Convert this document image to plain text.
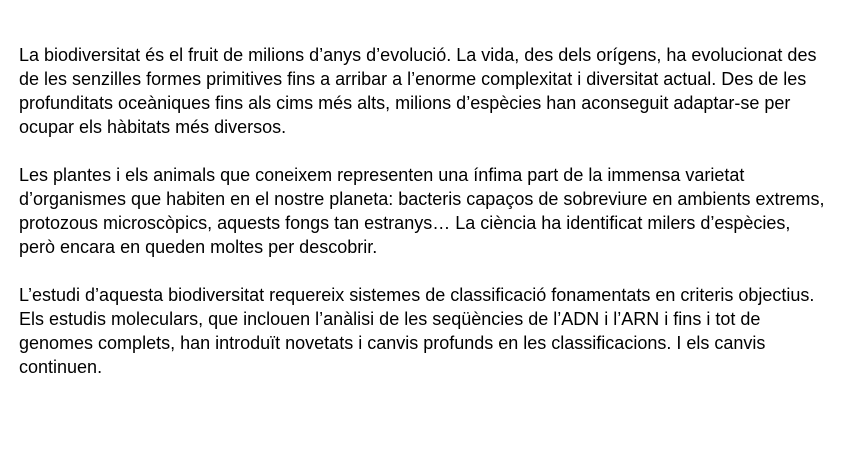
La biodiversitat és el fruit de milions d’anys d’evolució. La vida, des dels orígens, ha evolucionat des de les senzilles formes primitives fins a arribar a l’enorme complexitat i diversitat actual. Des de les profunditats oceàniques fins als cims més alts, milions d’espècies han aconseguit adaptar-se per ocupar els hàbitats més diversos.

Les plantes i els animals que coneixem representen una ínfima part de la immensa varietat d’organismes que habiten en el nostre planeta: bacteris capaços de sobreviure en ambients extrems, protozous microscòpics, aquests fongs tan estranys… La ciència ha identificat milers d’espècies, però encara en queden moltes per descobrir.

L’estudi d’aquesta biodiversitat requereix sistemes de classificació fonamentats en criteris objectius. Els estudis moleculars, que inclouen l’anàlisi de les seqüències de l’ADN i l’ARN i fins i tot de genomes complets, han introduït novetats i canvis profunds en les classificacions. I els canvis continuen.
